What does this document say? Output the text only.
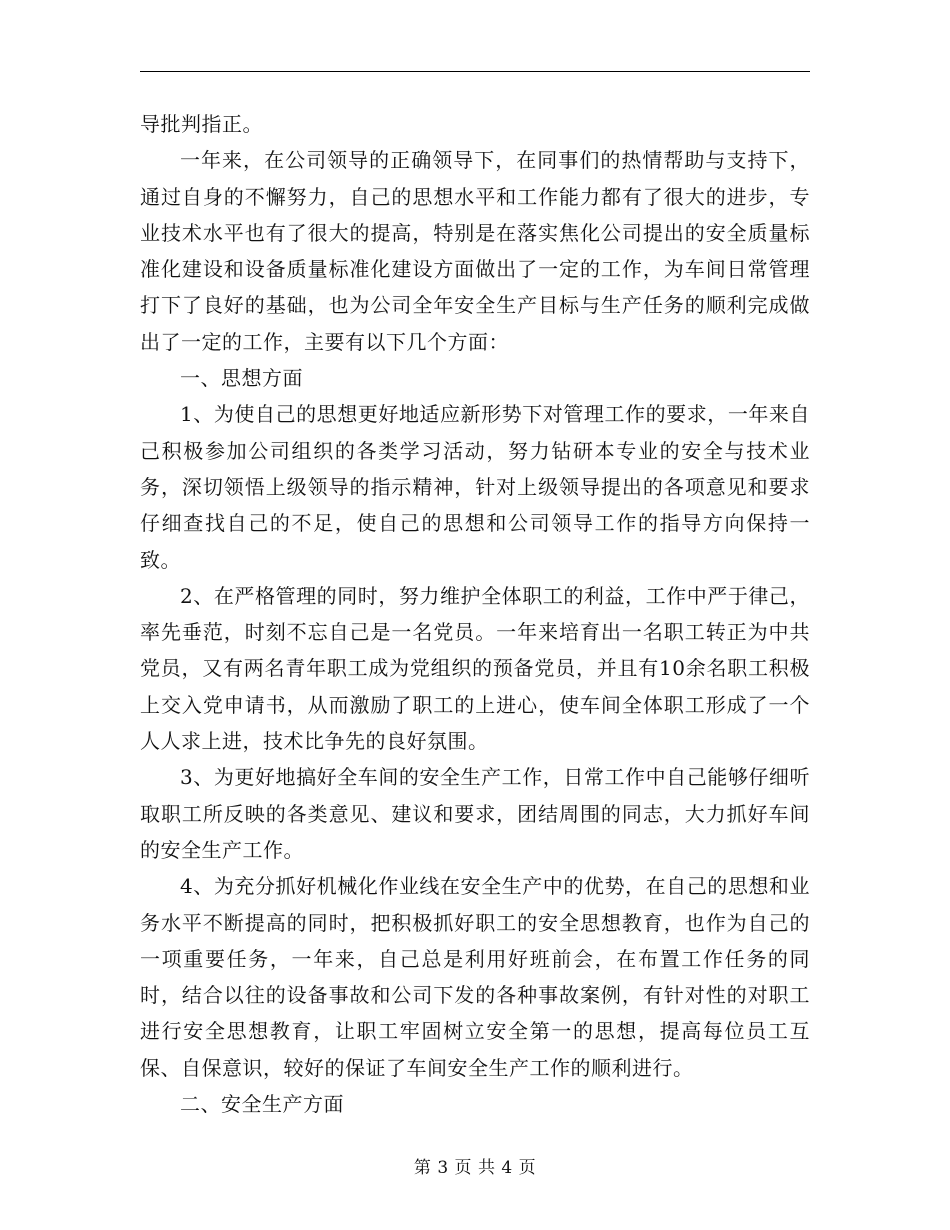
导批判指正。

一年来，在公司领导的正确领导下，在同事们的热情帮助与支持下，通过自身的不懈努力，自己的思想水平和工作能力都有了很大的进步，专业技术水平也有了很大的提高，特别是在落实焦化公司提出的安全质量标准化建设和设备质量标准化建设方面做出了一定的工作，为车间日常管理打下了良好的基础，也为公司全年安全生产目标与生产任务的顺利完成做出了一定的工作，主要有以下几个方面：

一、思想方面

1、为使自己的思想更好地适应新形势下对管理工作的要求，一年来自己积极参加公司组织的各类学习活动，努力钻研本专业的安全与技术业务，深切领悟上级领导的指示精神，针对上级领导提出的各项意见和要求仔细查找自己的不足，使自己的思想和公司领导工作的指导方向保持一致。

2、在严格管理的同时，努力维护全体职工的利益，工作中严于律己，率先垂范，时刻不忘自己是一名党员。一年来培育出一名职工转正为中共党员，又有两名青年职工成为党组织的预备党员，并且有10余名职工积极上交入党申请书，从而激励了职工的上进心，使车间全体职工形成了一个人人求上进，技术比争先的良好氛围。

3、为更好地搞好全车间的安全生产工作，日常工作中自己能够仔细听取职工所反映的各类意见、建议和要求，团结周围的同志，大力抓好车间的安全生产工作。

4、为充分抓好机械化作业线在安全生产中的优势，在自己的思想和业务水平不断提高的同时，把积极抓好职工的安全思想教育，也作为自己的一项重要任务，一年来，自己总是利用好班前会，在布置工作任务的同时，结合以往的设备事故和公司下发的各种事故案例，有针对性的对职工进行安全思想教育，让职工牢固树立安全第一的思想，提高每位员工互保、自保意识，较好的保证了车间安全生产工作的顺利进行。

二、安全生产方面

第 3 页 共 4 页
